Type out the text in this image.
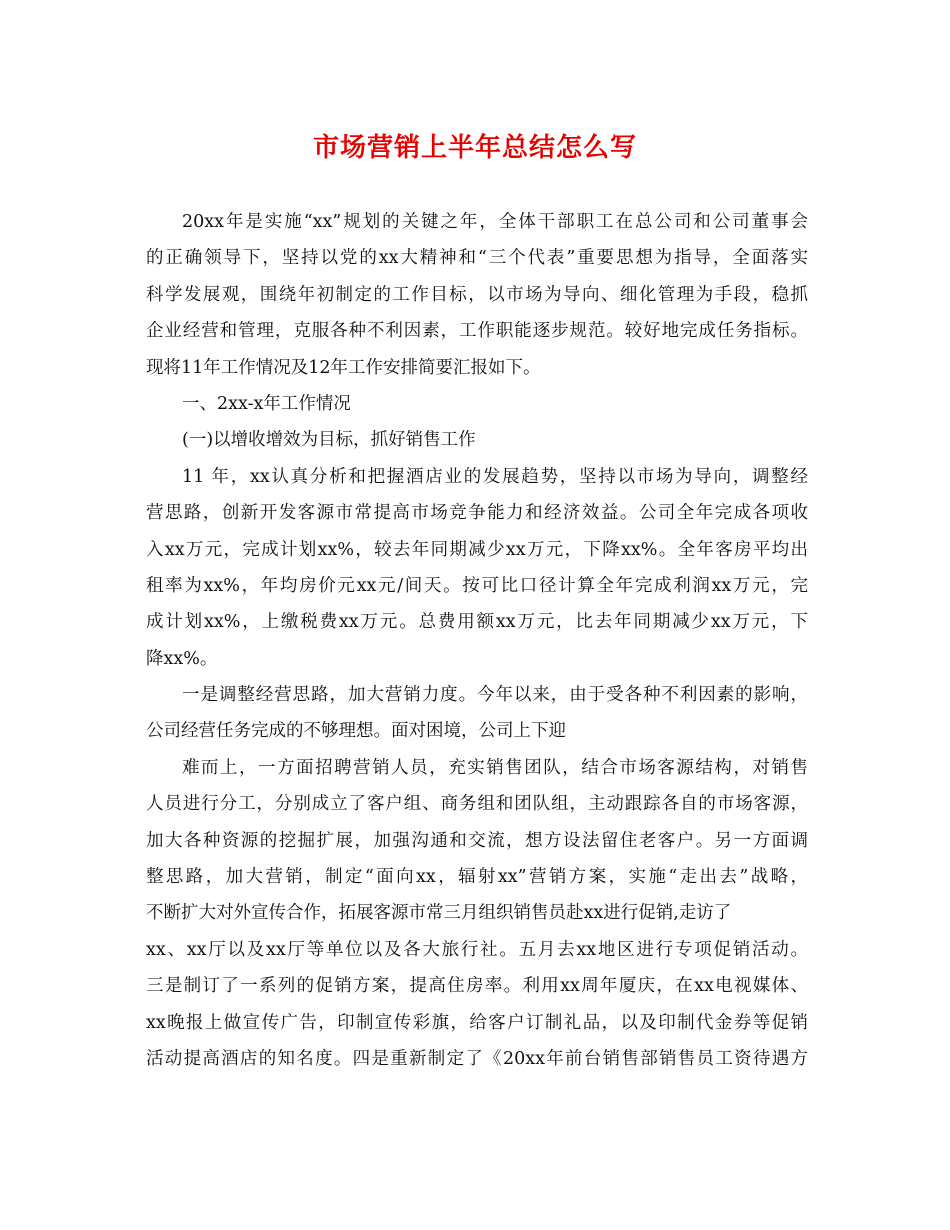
市场营销上半年总结怎么写
20xx年是实施“xx”规划的关键之年，全体干部职工在总公司和公司董事会
的正确领导下，坚持以党的xx大精神和“三个代表”重要思想为指导，全面落实
科学发展观，围绕年初制定的工作目标，以市场为导向、细化管理为手段，稳抓
企业经营和管理，克服各种不利因素，工作职能逐步规范。较好地完成任务指标。
现将11年工作情况及12年工作安排简要汇报如下。
一、2xx-x年工作情况
(一)以增收增效为目标，抓好销售工作
11 年，xx认真分析和把握酒店业的发展趋势，坚持以市场为导向，调整经
营思路，创新开发客源市常提高市场竞争能力和经济效益。公司全年完成各项收
入xx万元，完成计划xx%，较去年同期减少xx万元，下降xx%。全年客房平均出
租率为xx%，年均房价元xx元/间天。按可比口径计算全年完成利润xx万元，完
成计划xx%，上缴税费xx万元。总费用额xx万元，比去年同期减少xx万元，下
降xx%。
一是调整经营思路，加大营销力度。今年以来，由于受各种不利因素的影响，
公司经营任务完成的不够理想。面对困境，公司上下迎
难而上，一方面招聘营销人员，充实销售团队，结合市场客源结构，对销售
人员进行分工，分别成立了客户组、商务组和团队组，主动跟踪各自的市场客源，
加大各种资源的挖掘扩展，加强沟通和交流，想方设法留住老客户。另一方面调
整思路，加大营销，制定“面向xx，辐射xx”营销方案，实施“走出去”战略，
不断扩大对外宣传合作，拓展客源市常三月组织销售员赴xx进行促销,走访了
xx、xx厅以及xx厅等单位以及各大旅行社。五月去xx地区进行专项促销活动。
三是制订了一系列的促销方案，提高住房率。利用xx周年厦庆，在xx电视媒体、
xx晚报上做宣传广告，印制宣传彩旗，给客户订制礼品，以及印制代金券等促销
活动提高酒店的知名度。四是重新制定了《20xx年前台销售部销售员工资待遇方
